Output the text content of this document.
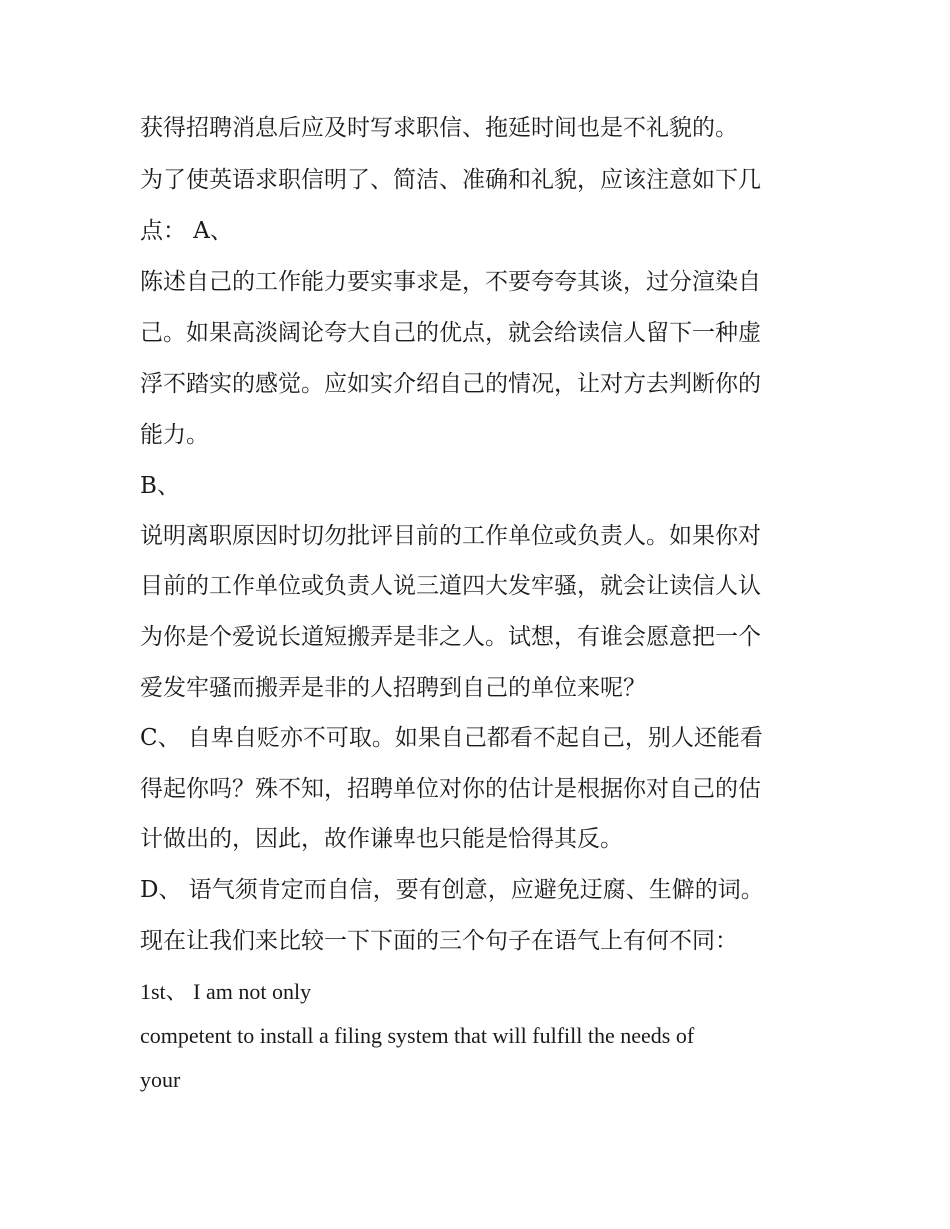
获得招聘消息后应及时写求职信、拖延时间也是不礼貌的。

为了使英语求职信明了、简洁、准确和礼貌，应该注意如下几

点： A、

陈述自己的工作能力要实事求是，不要夸夸其谈，过分渲染自

己。如果高淡阔论夸大自己的优点，就会给读信人留下一种虚

浮不踏实的感觉。应如实介绍自己的情况，让对方去判断你的

能力。

B、

说明离职原因时切勿批评目前的工作单位或负责人。如果你对

目前的工作单位或负责人说三道四大发牢骚，就会让读信人认

为你是个爱说长道短搬弄是非之人。试想，有谁会愿意把一个

爱发牢骚而搬弄是非的人招聘到自己的单位来呢？

C、 自卑自贬亦不可取。如果自己都看不起自己，别人还能看

得起你吗？殊不知，招聘单位对你的估计是根据你对自己的估

计做出的，因此，故作谦卑也只能是恰得其反。

D、 语气须肯定而自信，要有创意，应避免迂腐、生僻的词。

现在让我们来比较一下下面的三个句子在语气上有何不同：

1st、 I am not only

competent to install a filing system that will fulfill the needs of

your
